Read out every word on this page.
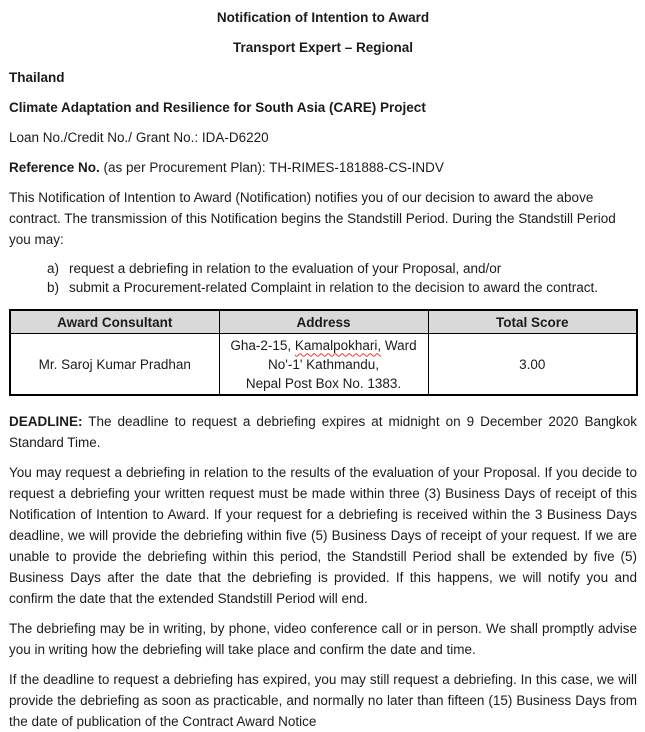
Notification of Intention to Award

Transport Expert – Regional

Thailand

Climate Adaptation and Resilience for South Asia (CARE) Project

Loan No./Credit No./ Grant No.: IDA-D6220

Reference No. (as per Procurement Plan): TH-RIMES-181888-CS-INDV

This Notification of Intention to Award (Notification) notifies you of our decision to award the above contract. The transmission of this Notification begins the Standstill Period. During the Standstill Period you may:

a) request a debriefing in relation to the evaluation of your Proposal, and/or
b) submit a Procurement-related Complaint in relation to the decision to award the contract.
Award Consultant	Address	Total Score
Mr. Saroj Kumar Pradhan	Gha-2-15, Kamalpokhari, Ward
No'-1' Kathmandu,
Nepal Post Box No. 1383.	3.00

DEADLINE: The deadline to request a debriefing expires at midnight on 9 December 2020 Bangkok Standard Time.

You may request a debriefing in relation to the results of the evaluation of your Proposal. If you decide to request a debriefing your written request must be made within three (3) Business Days of receipt of this Notification of Intention to Award. If your request for a debriefing is received within the 3 Business Days deadline, we will provide the debriefing within five (5) Business Days of receipt of your request. If we are unable to provide the debriefing within this period, the Standstill Period shall be extended by five (5) Business Days after the date that the debriefing is provided. If this happens, we will notify you and confirm the date that the extended Standstill Period will end.

The debriefing may be in writing, by phone, video conference call or in person. We shall promptly advise you in writing how the debriefing will take place and confirm the date and time.

If the deadline to request a debriefing has expired, you may still request a debriefing. In this case, we will provide the debriefing as soon as practicable, and normally no later than fifteen (15) Business Days from the date of publication of the Contract Award Notice
